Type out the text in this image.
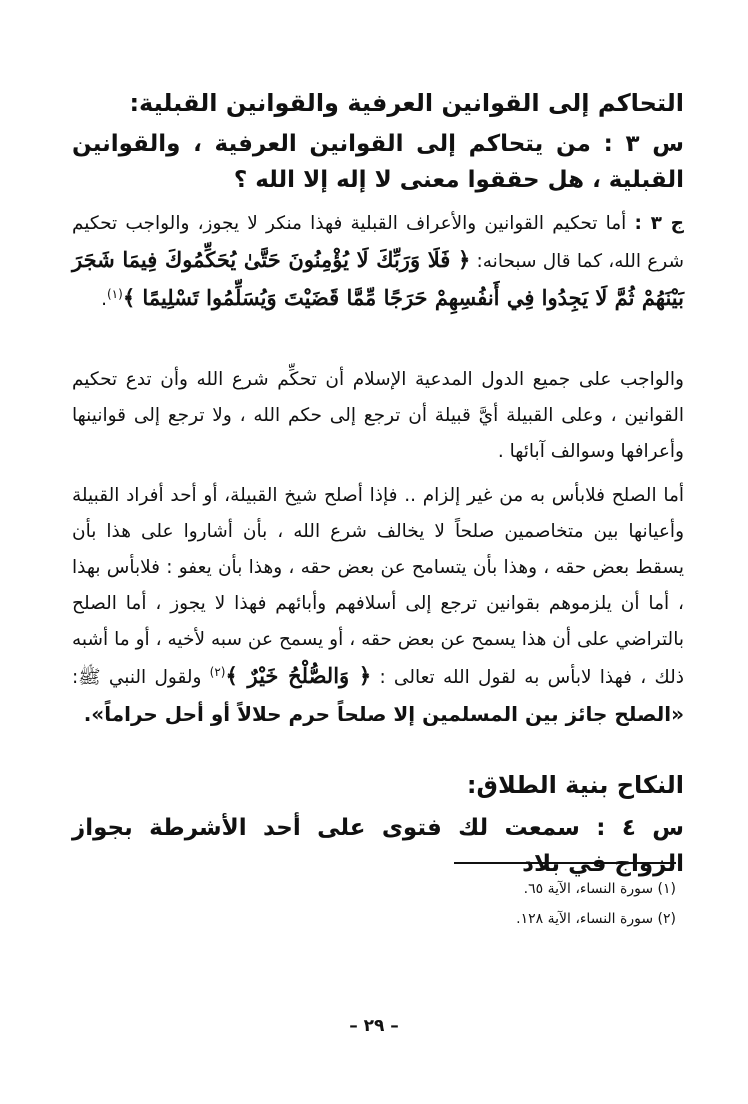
التحاكم إلى القوانين العرفية والقوانين القبلية:
س ٣ : من يتحاكم إلى القوانين العرفية ، والقوانين القبلية ، هل حققوا معنى لا إله إلا الله ؟
ج ٣ : أما تحكيم القوانين والأعراف القبلية فهذا منكر لا يجوز، والواجب تحكيم شرع الله، كما قال سبحانه: ﴿ فَلَا وَرَبِّكَ لَا يُؤْمِنُونَ حَتَّىٰ يُحَكِّمُوكَ فِيمَا شَجَرَ بَيْنَهُمْ ثُمَّ لَا يَجِدُوا فِي أَنفُسِهِمْ حَرَجًا مِّمَّا قَضَيْتَ وَيُسَلِّمُوا تَسْلِيمًا ﴾$^{(١)}$.
والواجب على جميع الدول المدعية الإسلام أن تحكِّم شرع الله وأن تدع تحكيم القوانين ، وعلى القبيلة أيَّ قبيلة أن ترجع إلى حكم الله ، ولا ترجع إلى قوانينها وأعرافها وسوالف آبائها .
أما الصلح فلابأس به من غير إلزام .. فإذا أصلح شيخ القبيلة، أو أحد أفراد القبيلة وأعيانها بين متخاصمين صلحاً لا يخالف شرع الله ، بأن أشاروا على هذا بأن يسقط بعض حقه ، وهذا بأن يتسامح عن بعض حقه ، وهذا بأن يعفو : فلابأس بهذا ، أما أن يلزموهم بقوانين ترجع إلى أسلافهم وأبائهم فهذا لا يجوز ، أما الصلح بالتراضي على أن هذا يسمح عن بعض حقه ، أو يسمح عن سبه لأخيه ، أو ما أشبه ذلك ، فهذا لابأس به لقول الله تعالى : ﴿ وَالصُّلْحُ خَيْرٌ ﴾$^{(٢)}$ ولقول النبي ﷺ: «الصلح جائز بين المسلمين إلا صلحاً حرم حلالاً أو أحل حراماً».
النكاح بنية الطلاق:
س ٤ : سمعت لك فتوى على أحد الأشرطة بجواز الزواج في بلاد
(١) سورة النساء، الآية ٦٥.
(٢) سورة النساء، الآية ١٢٨.
– ٢٩ –
